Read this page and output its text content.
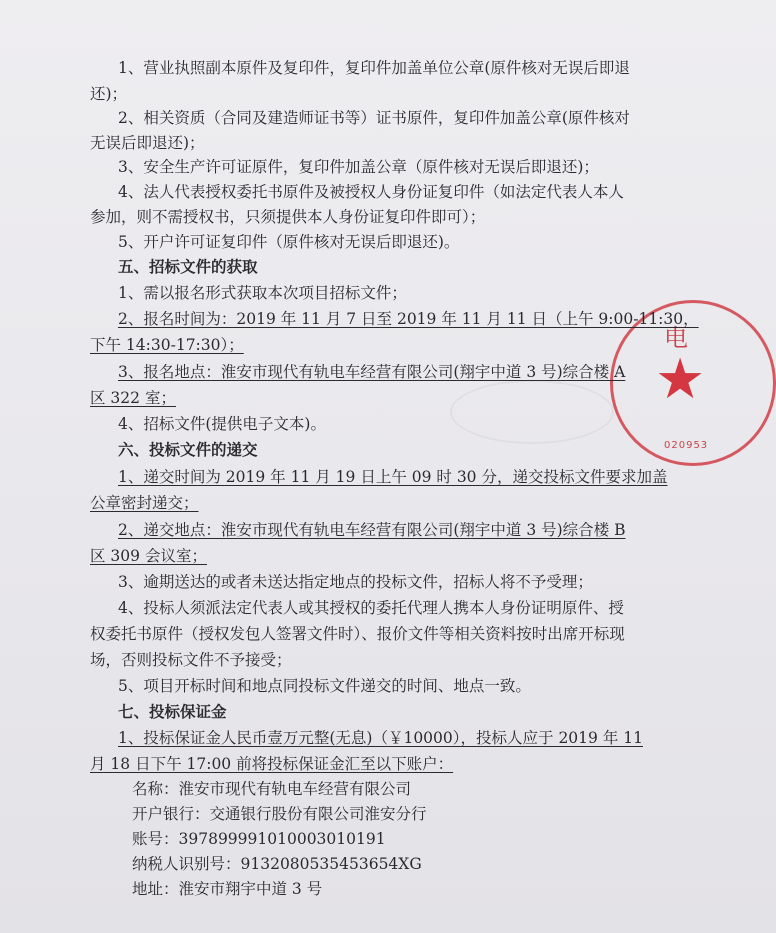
电
★
020953
1、营业执照副本原件及复印件，复印件加盖单位公章(原件核对无误后即退
还)；
2、相关资质（合同及建造师证书等）证书原件，复印件加盖公章(原件核对
无误后即退还)；
3、安全生产许可证原件，复印件加盖公章（原件核对无误后即退还)；
4、法人代表授权委托书原件及被授权人身份证复印件（如法定代表人本人
参加，则不需授权书，只须提供本人身份证复印件即可）；
5、开户许可证复印件（原件核对无误后即退还)。
五、招标文件的获取
1、需以报名形式获取本次项目招标文件；
2、报名时间为：2019 年 11 月 7 日至 2019 年 11 月 11 日（上午 9:00-11:30，
下午 14:30-17:30）；
3、报名地点：淮安市现代有轨电车经营有限公司(翔宇中道 3 号)综合楼 A
区 322 室；
4、招标文件(提供电子文本)。
六、投标文件的递交
1、递交时间为 2019 年 11 月 19 日上午 09 时 30 分，递交投标文件要求加盖
公章密封递交；
2、递交地点：淮安市现代有轨电车经营有限公司(翔宇中道 3 号)综合楼 B
区 309 会议室；
3、逾期送达的或者未送达指定地点的投标文件，招标人将不予受理；
4、投标人须派法定代表人或其授权的委托代理人携本人身份证明原件、授
权委托书原件（授权发包人签署文件时）、报价文件等相关资料按时出席开标现
场，否则投标文件不予接受；
5、项目开标时间和地点同投标文件递交的时间、地点一致。
七、投标保证金
1、投标保证金人民币壹万元整(无息)（￥10000），投标人应于 2019 年 11
月 18 日下午 17:00 前将投标保证金汇至以下账户：
名称：淮安市现代有轨电车经营有限公司
开户银行：交通银行股份有限公司淮安分行
账号：397899991010003010191
纳税人识别号：9132080535453654XG
地址：淮安市翔宇中道 3 号
